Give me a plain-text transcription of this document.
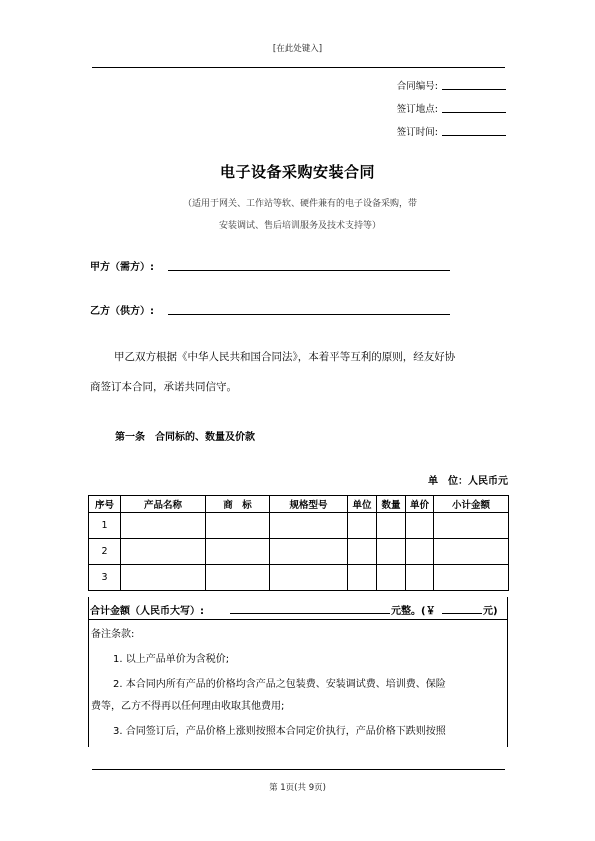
[在此处键入]
合同编号:
签订地点:
签订时间:
电子设备采购安装合同
（适用于网关、工作站等软、硬件兼有的电子设备采购，带
安装调试、售后培训服务及技术支持等）
甲方（需方）:
乙方（供方）:
甲乙双方根据《中华人民共和国合同法》，本着平等互利的原则，经友好协
商签订本合同，承诺共同信守。
第一条　合同标的、数量及价款
单　位：人民币元
序号	产品名称	商　标	规格型号	单位	数量	单价	小计金额
1							
2							
3							
合计金额（人民币大写）:	元整。(￥	元)
备注条款:
1. 以上产品单价为含税价;
2. 本合同内所有产品的价格均含产品之包装费、安装调试费、培训费、保险
费等，乙方不得再以任何理由收取其他费用;
3. 合同签订后，产品价格上涨则按照本合同定价执行，产品价格下跌则按照
第 1页(共 9页)
